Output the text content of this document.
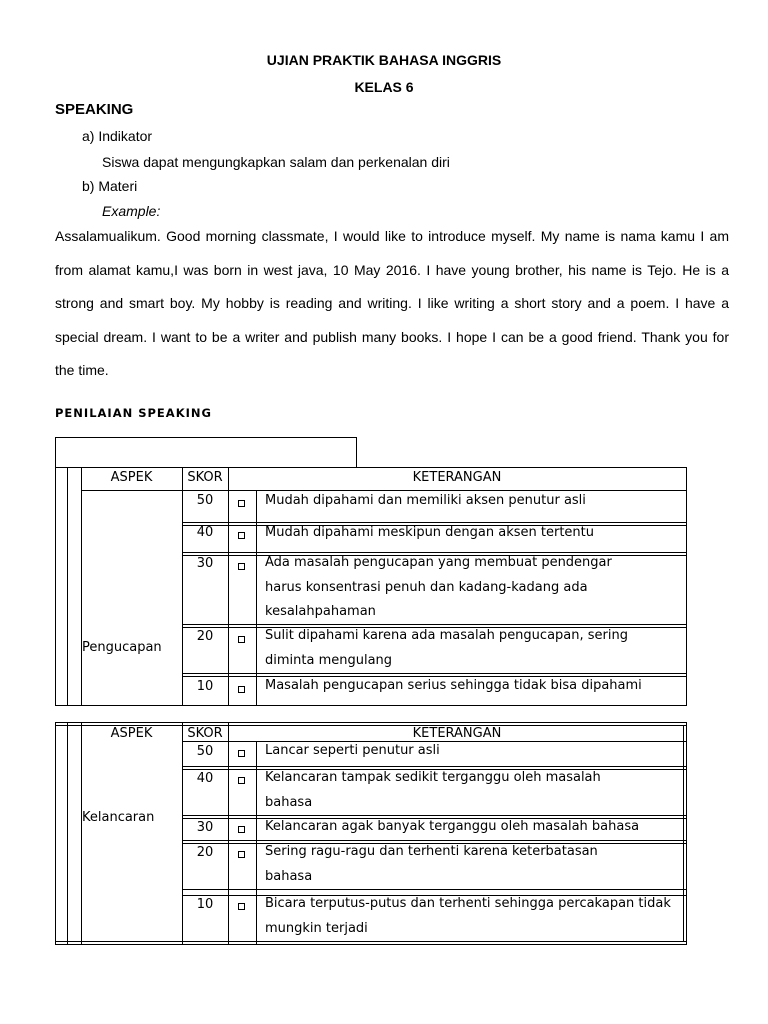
UJIAN PRAKTIK BAHASA INGGRIS
KELAS 6
SPEAKING
a) Indikator
Siswa dapat mengungkapkan salam dan perkenalan diri
b) Materi
Example:
Assalamualikum. Good morning classmate, I would like to introduce myself. My name is nama kamu I am from alamat kamu,I was born in west java, 10 May 2016. I have young brother, his name is Tejo. He is a strong and smart boy. My hobby is reading and writing. I like writing a short story and a poem. I have a special dream. I want to be a writer and publish many books. I hope I can be a good friend. Thank you for the time.
PENILAIAN SPEAKING
ASPEK	SKOR	KETERANGAN
Pengucapan
50	Mudah dipahami dan memiliki aksen penutur asli
40	Mudah dipahami meskipun dengan aksen tertentu
30	Ada masalah pengucapan yang membuat pendengar harus konsentrasi penuh dan kadang-kadang ada kesalahpahaman
20	Sulit dipahami karena ada masalah pengucapan, sering diminta mengulang
10	Masalah pengucapan serius sehingga tidak bisa dipahami
ASPEK	SKOR	KETERANGAN
Kelancaran
50	Lancar seperti penutur asli
40	Kelancaran tampak sedikit terganggu oleh masalah bahasa
30	Kelancaran agak banyak terganggu oleh masalah bahasa
20	Sering ragu-ragu dan terhenti karena keterbatasan bahasa
10	Bicara terputus-putus dan terhenti sehingga percakapan tidak mungkin terjadi
